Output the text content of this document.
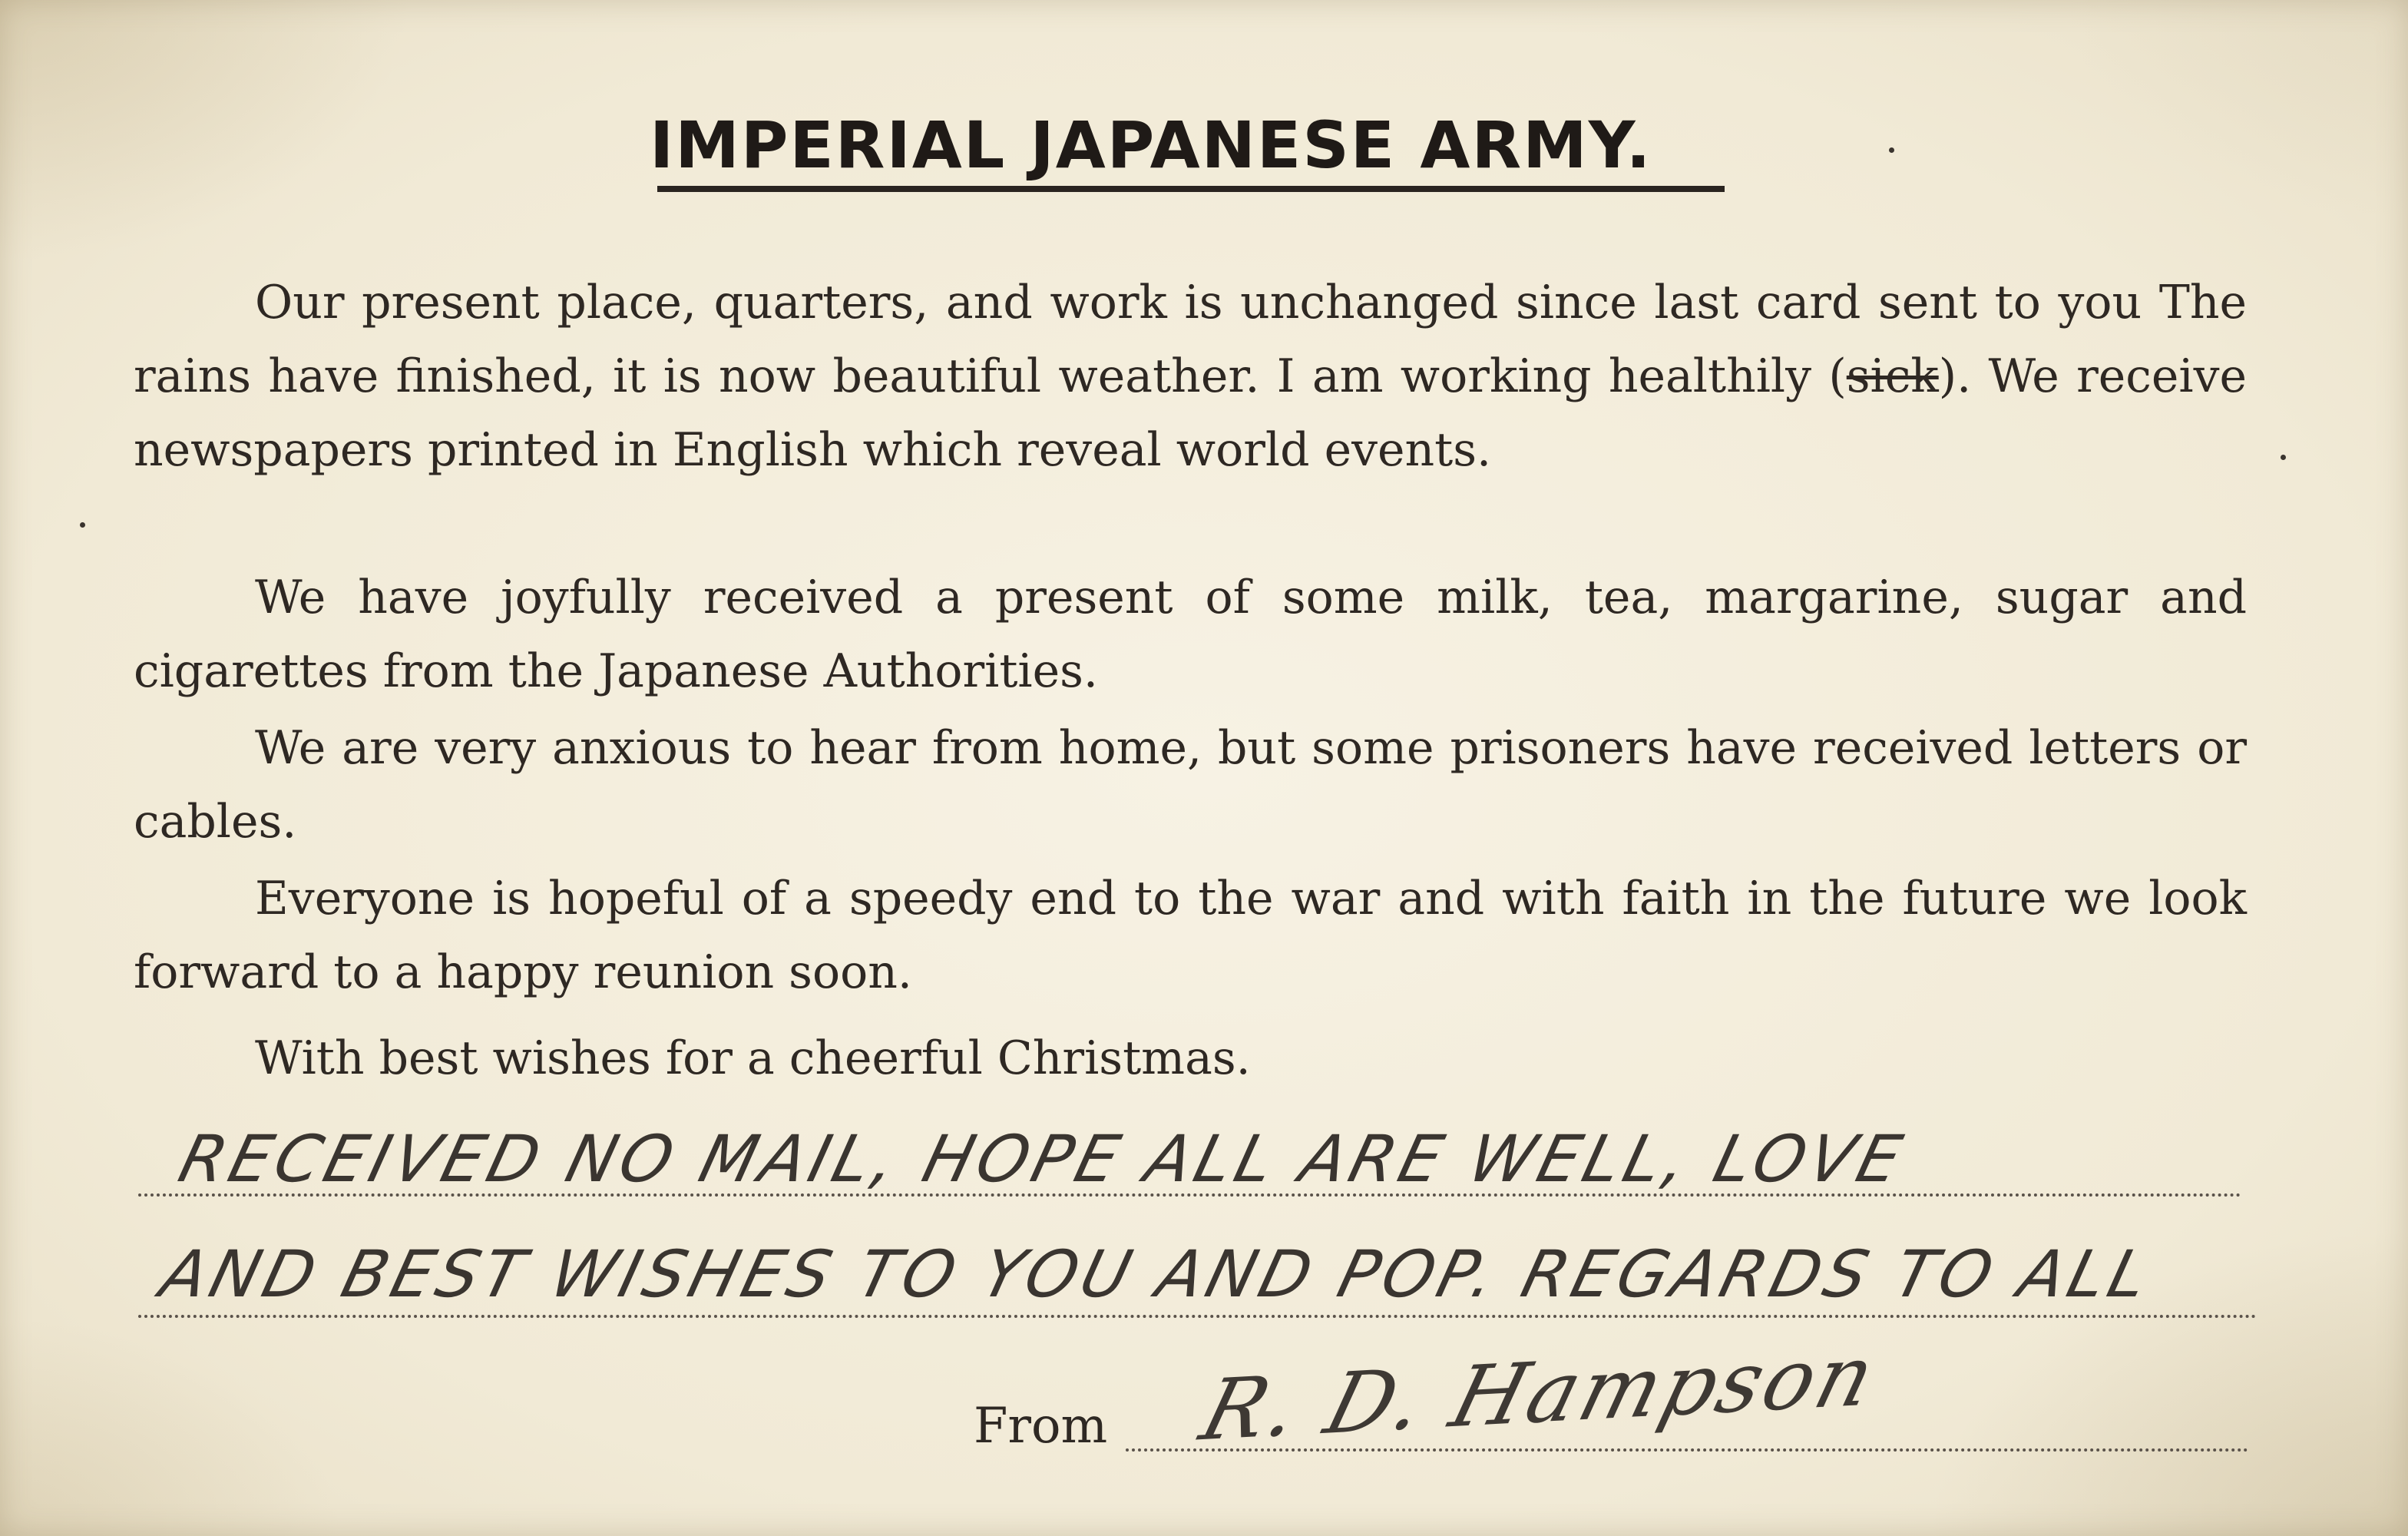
IMPERIAL JAPANESE ARMY.
Our present place, quarters, and work is unchanged since last card sent to you The rains have finished, it is now beautiful weather. I am working healthily (sick). We receive newspapers printed in English which reveal world events.
We have joyfully received a present of some milk, tea, margarine, sugar and cigarettes from the Japanese Authorities.
We are very anxious to hear from home, but some prisoners have received letters or cables.
Everyone is hopeful of a speedy end to the war and with faith in the future we look forward to a happy reunion soon.
With best wishes for a cheerful Christmas.
RECEIVED NO MAIL, HOPE ALL ARE WELL, LOVE
AND BEST WISHES TO YOU AND POP. REGARDS TO ALL
From R. D. Hampson
